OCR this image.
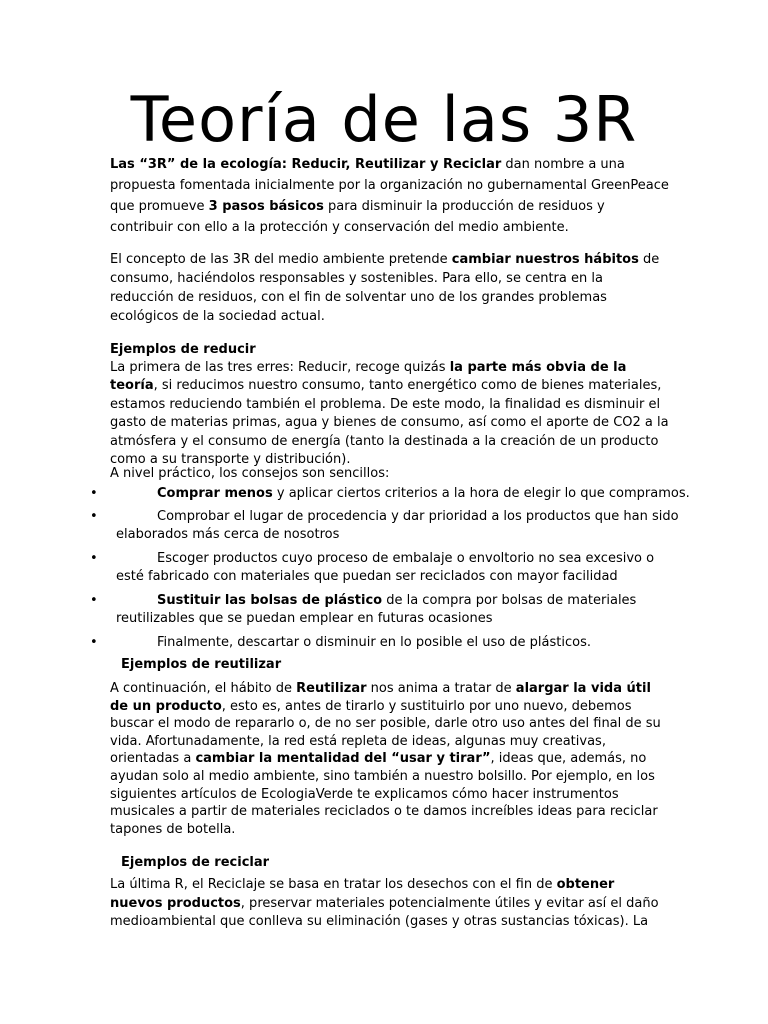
Teoría de las 3R

Las “3R” de la ecología: Reducir, Reutilizar y Reciclar dan nombre a una propuesta fomentada inicialmente por la organización no gubernamental GreenPeace que promueve 3 pasos básicos para disminuir la producción de residuos y contribuir con ello a la protección y conservación del medio ambiente.

El concepto de las 3R del medio ambiente pretende cambiar nuestros hábitos de consumo, haciéndolos responsables y sostenibles. Para ello, se centra en la reducción de residuos, con el fin de solventar uno de los grandes problemas ecológicos de la sociedad actual.

Ejemplos de reducir

La primera de las tres erres: Reducir, recoge quizás la parte más obvia de la teoría, si reducimos nuestro consumo, tanto energético como de bienes materiales, estamos reduciendo también el problema. De este modo, la finalidad es disminuir el gasto de materias primas, agua y bienes de consumo, así como el aporte de CO2 a la atmósfera y el consumo de energía (tanto la destinada a la creación de un producto como a su transporte y distribución).

A nivel práctico, los consejos son sencillos:

•	Comprar menos y aplicar ciertos criterios a la hora de elegir lo que compramos.
•	Comprobar el lugar de procedencia y dar prioridad a los productos que han sido
elaborados más cerca de nosotros
•	Escoger productos cuyo proceso de embalaje o envoltorio no sea excesivo o
esté fabricado con materiales que puedan ser reciclados con mayor facilidad
•	Sustituir las bolsas de plástico de la compra por bolsas de materiales
reutilizables que se puedan emplear en futuras ocasiones
•	Finalmente, descartar o disminuir en lo posible el uso de plásticos.
Ejemplos de reutilizar

A continuación, el hábito de Reutilizar nos anima a tratar de alargar la vida útil de un producto, esto es, antes de tirarlo y sustituirlo por uno nuevo, debemos buscar el modo de repararlo o, de no ser posible, darle otro uso antes del final de su vida. Afortunadamente, la red está repleta de ideas, algunas muy creativas, orientadas a cambiar la mentalidad del “usar y tirar”, ideas que, además, no ayudan solo al medio ambiente, sino también a nuestro bolsillo. Por ejemplo, en los siguientes artículos de EcologiaVerde te explicamos cómo hacer instrumentos musicales a partir de materiales reciclados o te damos increíbles ideas para reciclar tapones de botella.

Ejemplos de reciclar

La última R, el Reciclaje se basa en tratar los desechos con el fin de obtener nuevos productos, preservar materiales potencialmente útiles y evitar así el daño medioambiental que conlleva su eliminación (gases y otras sustancias tóxicas). La
